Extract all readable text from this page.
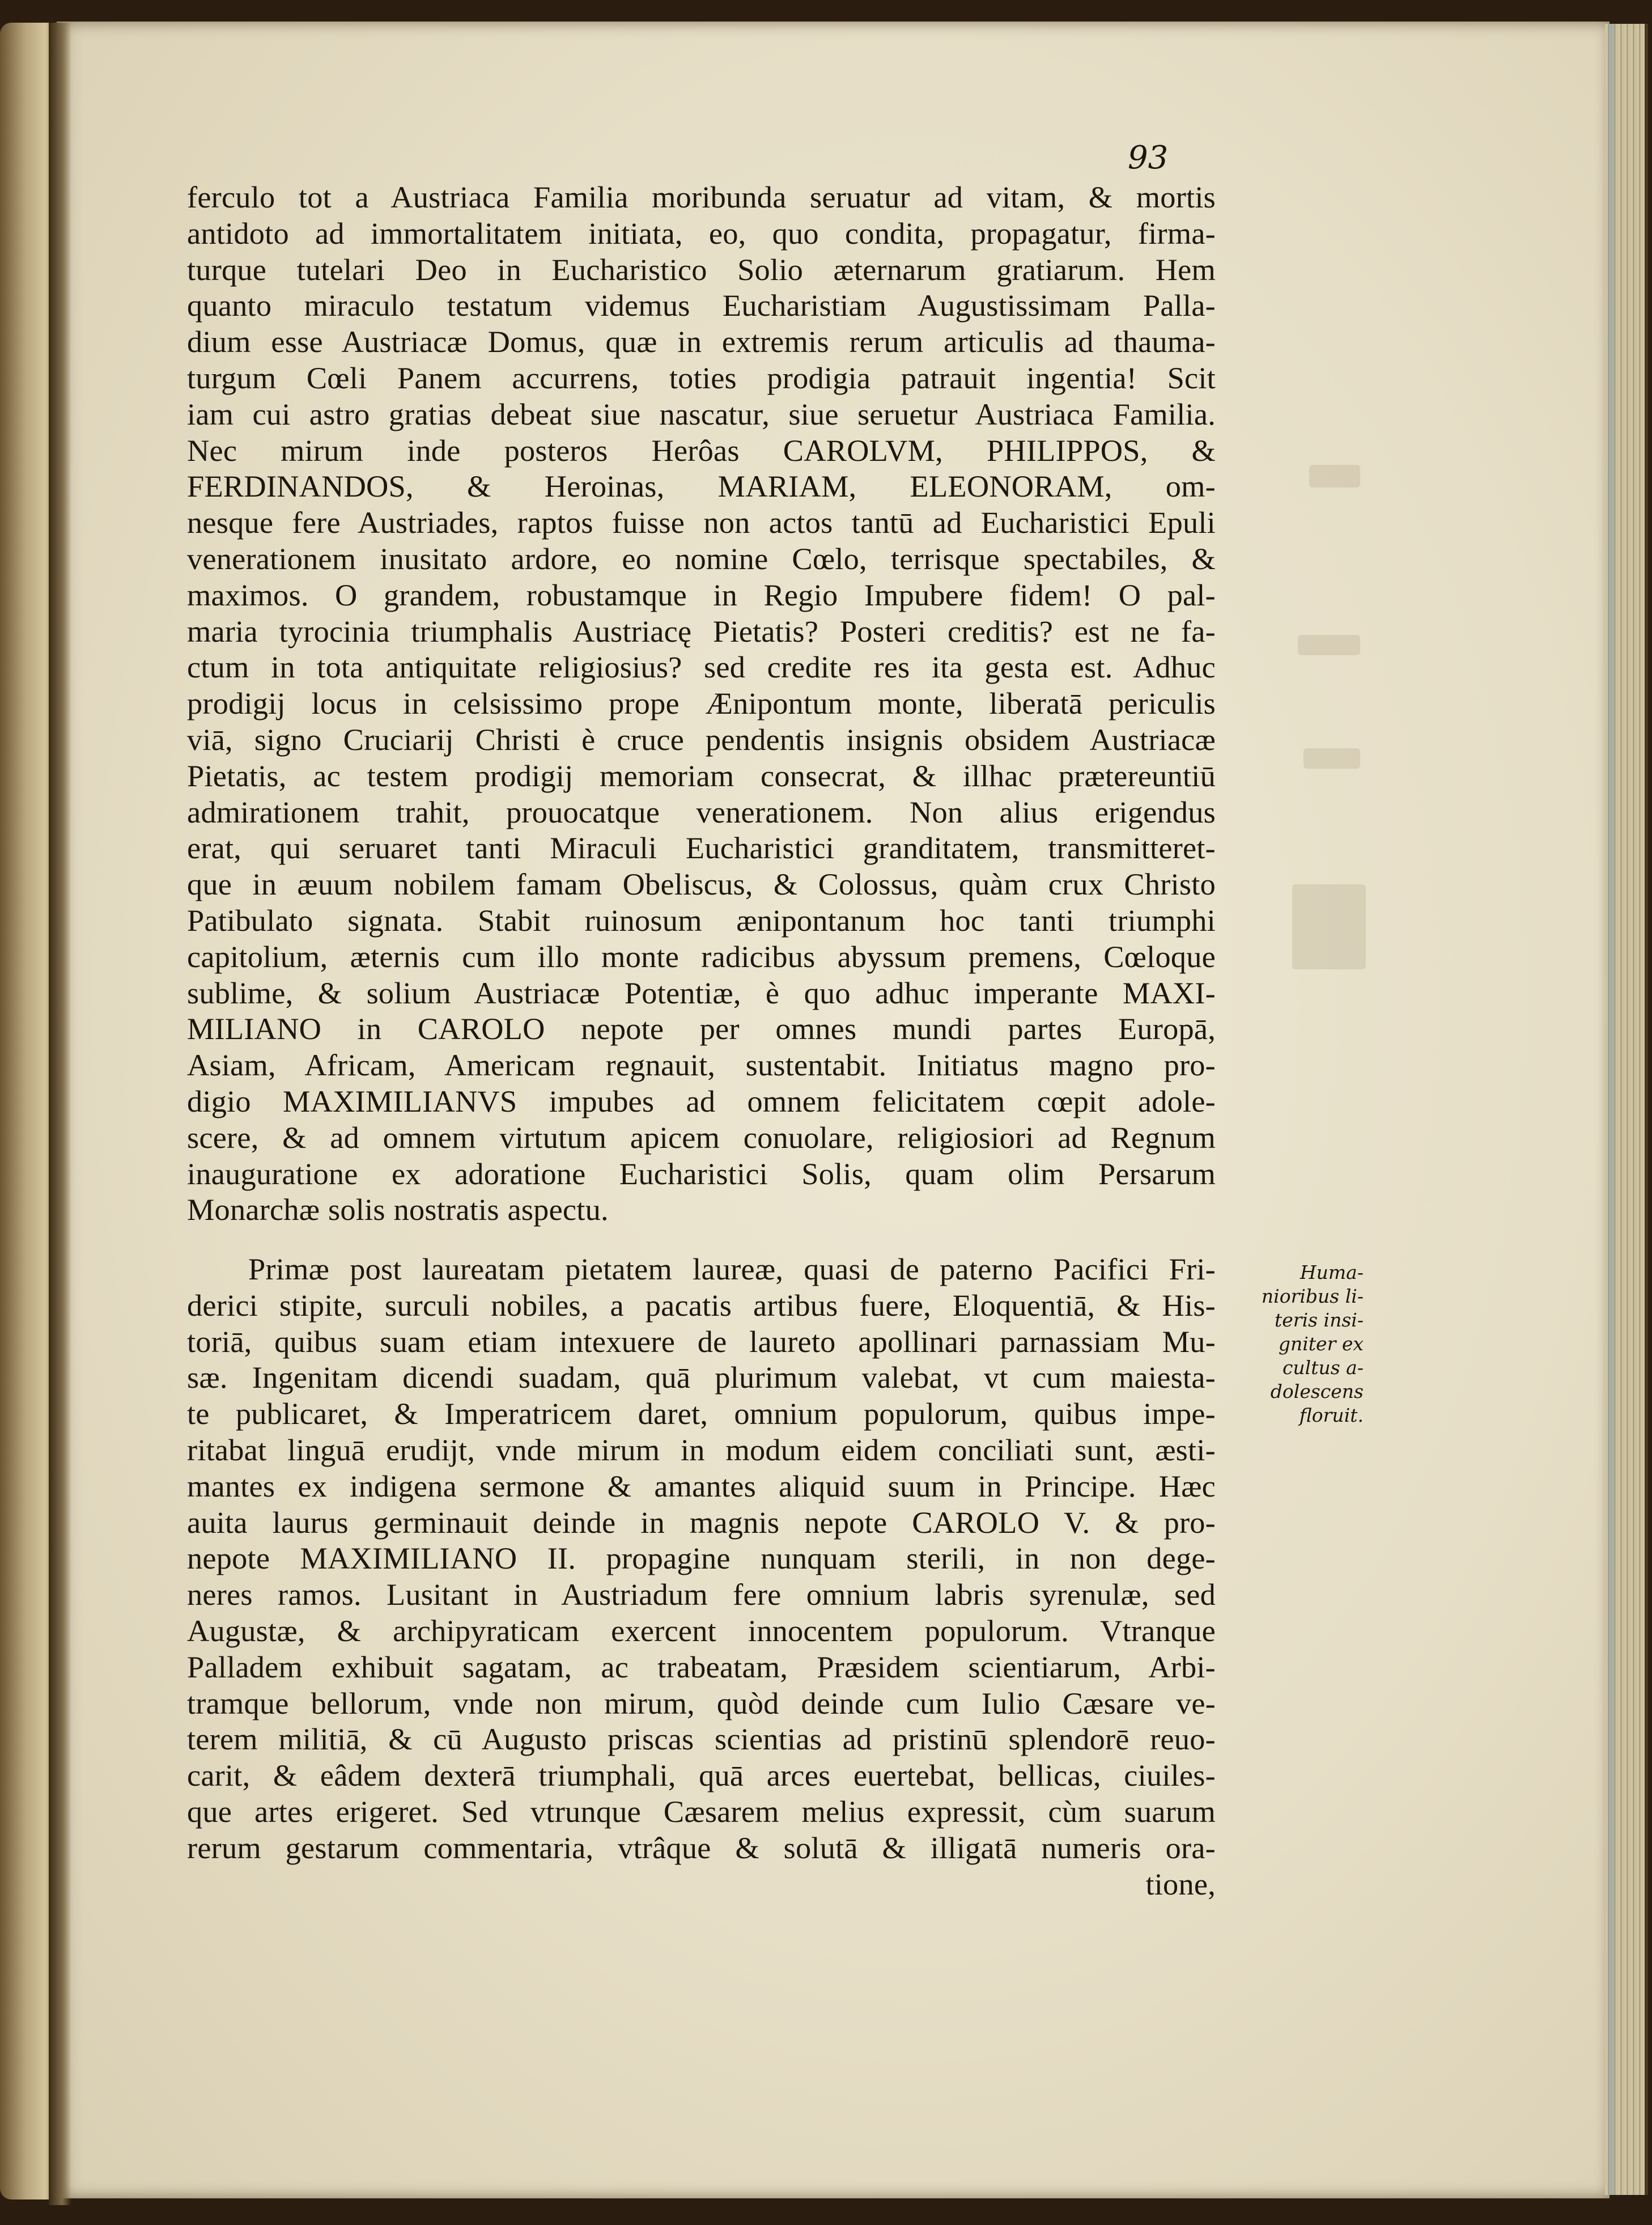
93
ferculo tot a Austriaca Familia moribunda seruatur ad vitam, & mortis
antidoto ad immortalitatem initiata, eo, quo condita, propagatur, firma-
turque tutelari Deo in Eucharistico Solio æternarum gratiarum. Hem
quanto miraculo testatum videmus Eucharistiam Augustissimam Palla-
dium esse Austriacæ Domus, quæ in extremis rerum articulis ad thauma-
turgum Cœli Panem accurrens, toties prodigia patrauit ingentia! Scit
iam cui astro gratias debeat siue nascatur, siue seruetur Austriaca Familia.
Nec mirum inde posteros Herôas CAROLVM, PHILIPPOS, &
FERDINANDOS, & Heroinas, MARIAM, ELEONORAM, om-
nesque fere Austriades, raptos fuisse non actos tantū ad Eucharistici Epuli
venerationem inusitato ardore, eo nomine Cœlo, terrisque spectabiles, &
maximos. O grandem, robustamque in Regio Impubere fidem! O pal-
maria tyrocinia triumphalis Austriacę Pietatis? Posteri creditis? est ne fa-
ctum in tota antiquitate religiosius? sed credite res ita gesta est. Adhuc
prodigij locus in celsissimo prope Ænipontum monte, liberatā periculis
viā, signo Cruciarij Christi è cruce pendentis insignis obsidem Austriacæ
Pietatis, ac testem prodigij memoriam consecrat, & illhac prætereuntiū
admirationem trahit, prouocatque venerationem. Non alius erigendus
erat, qui seruaret tanti Miraculi Eucharistici granditatem, transmitteret-
que in æuum nobilem famam Obeliscus, & Colossus, quàm crux Christo
Patibulato signata. Stabit ruinosum ænipontanum hoc tanti triumphi
capitolium, æternis cum illo monte radicibus abyssum premens, Cœloque
sublime, & solium Austriacæ Potentiæ, è quo adhuc imperante MAXI-
MILIANO in CAROLO nepote per omnes mundi partes Europā,
Asiam, Africam, Americam regnauit, sustentabit. Initiatus magno pro-
digio MAXIMILIANVS impubes ad omnem felicitatem cœpit adole-
scere, & ad omnem virtutum apicem conuolare, religiosiori ad Regnum
inauguratione ex adoratione Eucharistici Solis, quam olim Persarum
Monarchæ solis nostratis aspectu.
Primæ post laureatam pietatem laureæ, quasi de paterno Pacifici Fri-
derici stipite, surculi nobiles, a pacatis artibus fuere, Eloquentiā, & His-
toriā, quibus suam etiam intexuere de laureto apollinari parnassiam Mu-
sæ. Ingenitam dicendi suadam, quā plurimum valebat, vt cum maiesta-
te publicaret, & Imperatricem daret, omnium populorum, quibus impe-
ritabat linguā erudijt, vnde mirum in modum eidem conciliati sunt, æsti-
mantes ex indigena sermone & amantes aliquid suum in Principe. Hæc
auita laurus germinauit deinde in magnis nepote CAROLO V. & pro-
nepote MAXIMILIANO II. propagine nunquam sterili, in non dege-
neres ramos. Lusitant in Austriadum fere omnium labris syrenulæ, sed
Augustæ, & archipyraticam exercent innocentem populorum. Vtranque
Palladem exhibuit sagatam, ac trabeatam, Præsidem scientiarum, Arbi-
tramque bellorum, vnde non mirum, quòd deinde cum Iulio Cæsare ve-
terem militiā, & cū Augusto priscas scientias ad pristinū splendorē reuo-
carit, & eâdem dexterā triumphali, quā arces euertebat, bellicas, ciuiles-
que artes erigeret. Sed vtrunque Cæsarem melius expressit, cùm suarum
rerum gestarum commentaria, vtrâque & solutā & illigatā numeris ora-
tione,
Huma-
nioribus li-
teris insi-
gniter ex
cultus a-
dolescens
floruit.
